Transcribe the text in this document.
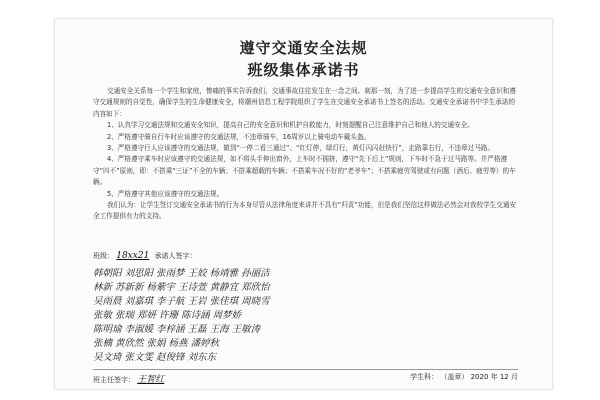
遵守交通安全法规
班级集体承诺书

交通安全关系每一个学生和家庭，惨痛的事实告诉我们，交通事故往往发生在一念之间。刹那一刻，为了进一步提高学生的交通安全意识和遵守交通规则的自觉性，确保学生的生命健康安全，将潮州信息工程学院组织了学生在交通安全承诺书上签名的活动。交通安全承诺书中学生承诺的内容如下：

1、认真学习交通法规和交通安全知识，提高自己的安全意识和机护自救能力，时刻提醒自己注意维护自己和他人的交通安全。

2、严格遵守骑自行车时应该遵守的交通法规，不违章骑车，16周岁以上骑电动车戴头盔。

3、严格遵守行人应该遵守的交通法规，做到“一停二看三通过”、“红灯停，绿灯行，黄灯闪闪赶快行”，走路靠右行，不违章过马路。

4、严格遵守乘车时应该遵守的交通法规，如不将头手伸出窗外，上车时不拥挤，遵守“先下后上”规则，下车时不急于过马路等。并严格遵守“四不”原则，即：不搭乘“三证”不全的车辆；不搭乘超载的车辆；不搭乘车况不好的“老爷车”；不搭乘疲劳驾驶或有问题（酒后、疲劳等）的车辆。

5、严格遵守其他应该遵守的交通法规。

我们认为：让学生签订交通安全承诺书的行为本身尽管从法律角度来讲并不具有“归责”功能，但是我们坚信这样做法必然会对我校学生交通安全工作提供有力的支持。

班级： 18xx21 承诺人签字：
韩朝阳 刘思阳 张雨梦 王姣 杨靖雅 孙丽洁
林新 苏新新 杨紫宇 王诗萱 黄静宜 郑欣怡
吴雨晨 刘嘉琪 李子航 王岩 张佳琪 周晓雪
张敏 张瑞 郑妍 许珊 陈诗涵 周梦娇
陈明瑜 李淑媛 李梓涵 王磊 王海 王敏涛
张楠 黄欣然 张娟 杨燕 潘婷秋
吴文琦 张文雯 赵俊锋 刘东东
班主任签字： 王智红	学生科： （盖章） 2020 年 12 月
